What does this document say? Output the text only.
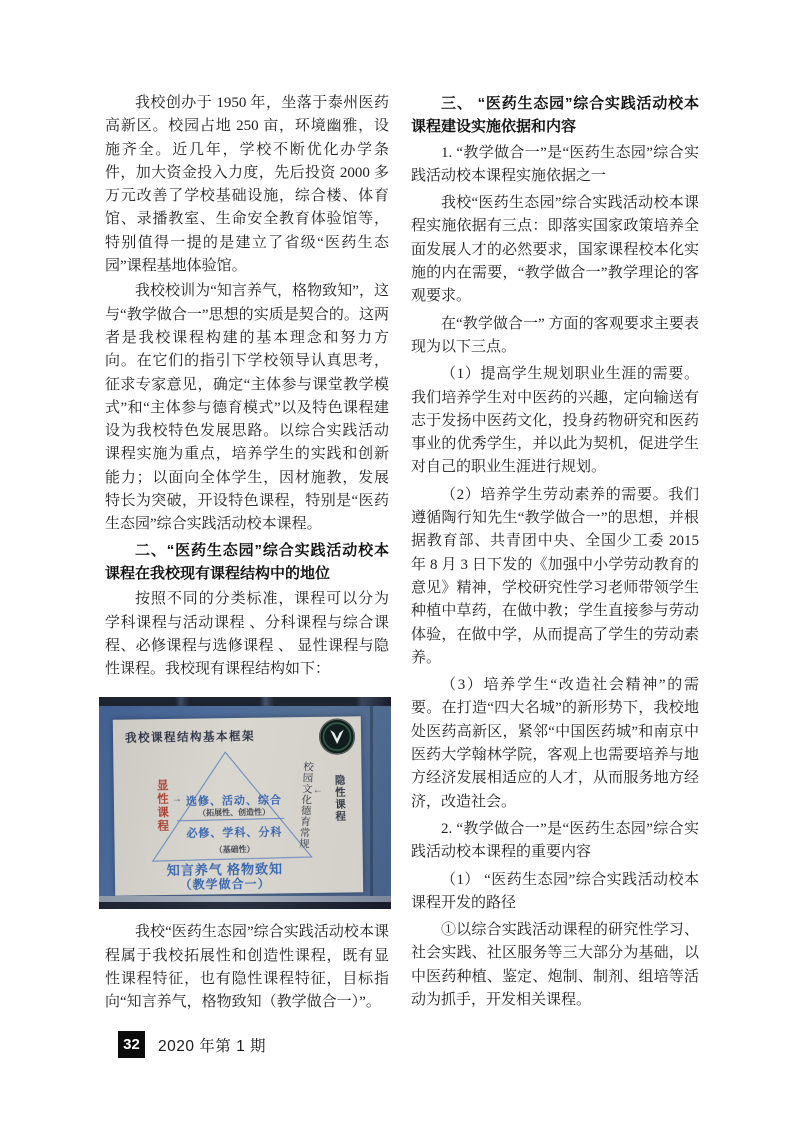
我校创办于 1950 年，坐落于泰州医药高新区。校园占地 250 亩，环境幽雅，设施齐全。近几年，学校不断优化办学条件，加大资金投入力度，先后投资 2000 多万元改善了学校基础设施，综合楼、体育馆、录播教室、生命安全教育体验馆等，特别值得一提的是建立了省级“医药生态园”课程基地体验馆。

我校校训为“知言养气，格物致知”，这与“教学做合一”思想的实质是契合的。这两者是我校课程构建的基本理念和努力方向。在它们的指引下学校领导认真思考，征求专家意见，确定“主体参与课堂教学模式”和“主体参与德育模式”以及特色课程建设为我校特色发展思路。以综合实践活动课程实施为重点，培养学生的实践和创新能力；以面向全体学生，因材施教，发展特长为突破，开设特色课程，特别是“医药生态园”综合实践活动校本课程。

二、“医药生态园”综合实践活动校本课程在我校现有课程结构中的地位

按照不同的分类标准，课程可以分为学科课程与活动课程 、分科课程与综合课程、必修课程与选修课程 、 显性课程与隐性课程。我校现有课程结构如下：

我校课程结构基本框架
显性课程 → 选修、活动、综合
（拓展性、创造性）
必修、学科、分科
（基础性）
校园文化德育常规 ← 隐性课程
知言养气 格物致知
（教学做合一）

我校“医药生态园”综合实践活动校本课程属于我校拓展性和创造性课程，既有显性课程特征，也有隐性课程特征，目标指向“知言养气，格物致知（教学做合一）”。

三、 “医药生态园”综合实践活动校本课程建设实施依据和内容

1. “教学做合一”是“医药生态园”综合实践活动校本课程实施依据之一

我校“医药生态园”综合实践活动校本课程实施依据有三点：即落实国家政策培养全面发展人才的必然要求，国家课程校本化实施的内在需要，“教学做合一”教学理论的客观要求。

在“教学做合一” 方面的客观要求主要表现为以下三点。

（1）提高学生规划职业生涯的需要。我们培养学生对中医药的兴趣，定向输送有志于发扬中医药文化，投身药物研究和医药事业的优秀学生，并以此为契机，促进学生对自己的职业生涯进行规划。

（2）培养学生劳动素养的需要。我们遵循陶行知先生“教学做合一”的思想，并根据教育部、共青团中央、全国少工委 2015 年 8 月 3 日下发的《加强中小学劳动教育的意见》精神，学校研究性学习老师带领学生种植中草药，在做中教；学生直接参与劳动体验，在做中学，从而提高了学生的劳动素养。

（3）培养学生“改造社会精神”的需要。在打造“四大名城”的新形势下，我校地处医药高新区，紧邻“中国医药城”和南京中医药大学翰林学院，客观上也需要培养与地方经济发展相适应的人才，从而服务地方经济，改造社会。

2. “教学做合一”是“医药生态园”综合实践活动校本课程的重要内容

（1） “医药生态园”综合实践活动校本课程开发的路径

①以综合实践活动课程的研究性学习、社会实践、社区服务等三大部分为基础，以中医药种植、鉴定、炮制、制剂、组培等活动为抓手，开发相关课程。

32	2020 年第 1 期
